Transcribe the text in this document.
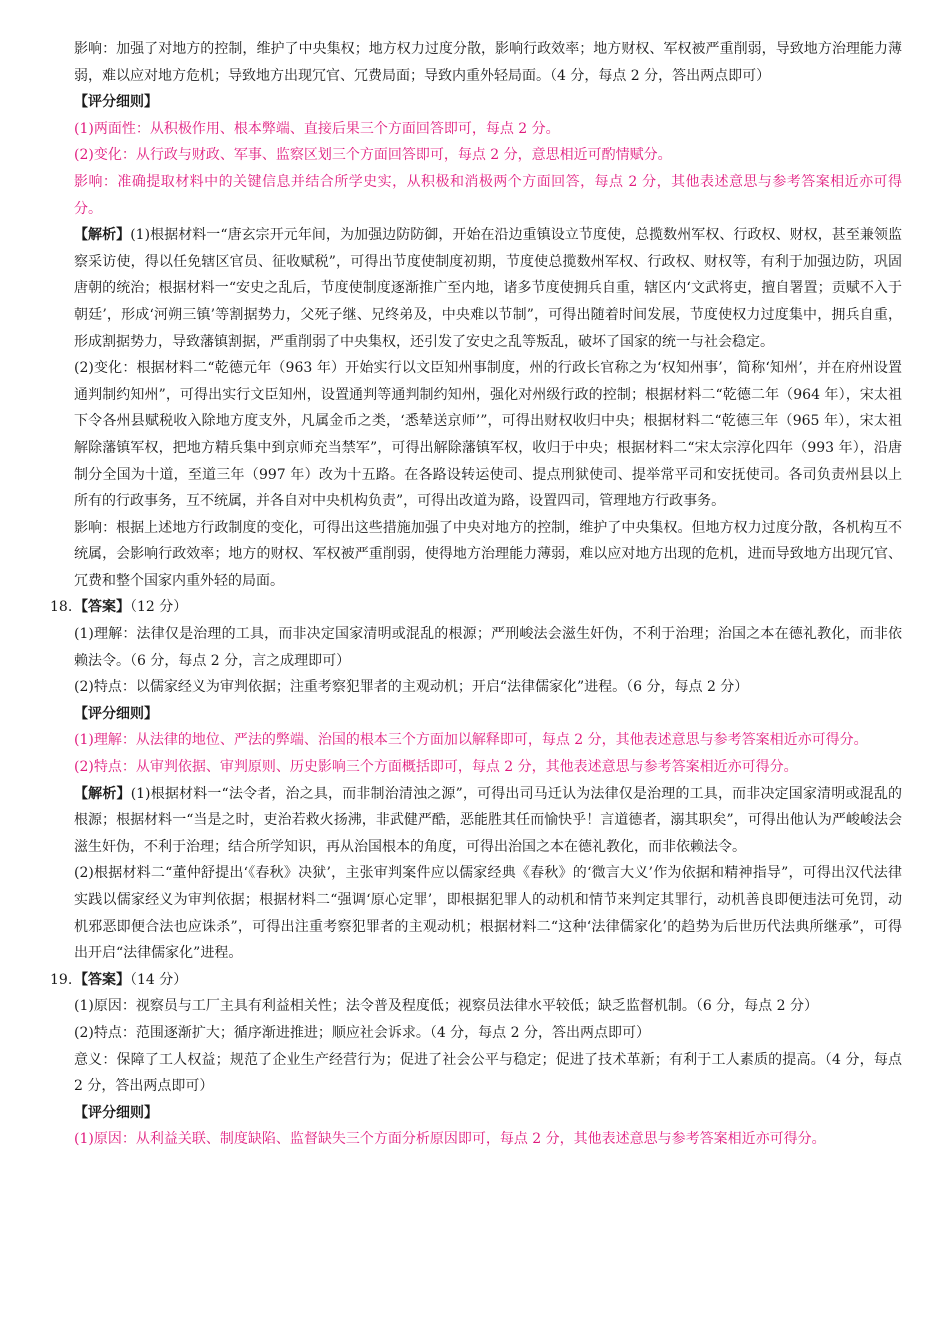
影响：加强了对地方的控制，维护了中央集权；地方权力过度分散，影响行政效率；地方财权、军权被严重削弱，导致地方治理能力薄弱，难以应对地方危机；导致地方出现冗官、冗费局面；导致内重外轻局面。（4 分，每点 2 分，答出两点即可）

【评分细则】

(1)两面性：从积极作用、根本弊端、直接后果三个方面回答即可，每点 2 分。

(2)变化：从行政与财政、军事、监察区划三个方面回答即可，每点 2 分，意思相近可酌情赋分。

影响：准确提取材料中的关键信息并结合所学史实，从积极和消极两个方面回答，每点 2 分，其他表述意思与参考答案相近亦可得分。

【解析】(1)根据材料一“唐玄宗开元年间，为加强边防防御，开始在沿边重镇设立节度使，总揽数州军权、行政权、财权，甚至兼领监察采访使，得以任免辖区官员、征收赋税”，可得出节度使制度初期，节度使总揽数州军权、行政权、财权等，有利于加强边防，巩固唐朝的统治；根据材料一“安史之乱后，节度使制度逐渐推广至内地，诸多节度使拥兵自重，辖区内‘文武将吏，擅自署置；贡赋不入于朝廷’，形成‘河朔三镇’等割据势力，父死子继、兄终弟及，中央难以节制”，可得出随着时间发展，节度使权力过度集中，拥兵自重，形成割据势力，导致藩镇割据，严重削弱了中央集权，还引发了安史之乱等叛乱，破坏了国家的统一与社会稳定。

(2)变化：根据材料二“乾德元年（963 年）开始实行以文臣知州事制度，州的行政长官称之为‘权知州事’，简称‘知州’，并在府州设置通判制约知州”，可得出实行文臣知州，设置通判等通判制约知州，强化对州级行政的控制；根据材料二“乾德二年（964 年），宋太祖下令各州县赋税收入除地方度支外，凡属金币之类，‘悉辇送京师’”，可得出财权收归中央；根据材料二“乾德三年（965 年），宋太祖解除藩镇军权，把地方精兵集中到京师充当禁军”，可得出解除藩镇军权，收归于中央；根据材料二“宋太宗淳化四年（993 年），沿唐制分全国为十道，至道三年（997 年）改为十五路。在各路设转运使司、提点刑狱使司、提举常平司和安抚使司。各司负责州县以上所有的行政事务，互不统属，并各自对中央机构负责”，可得出改道为路，设置四司，管理地方行政事务。

影响：根据上述地方行政制度的变化，可得出这些措施加强了中央对地方的控制，维护了中央集权。但地方权力过度分散，各机构互不统属，会影响行政效率；地方的财权、军权被严重削弱，使得地方治理能力薄弱，难以应对地方出现的危机，进而导致地方出现冗官、冗费和整个国家内重外轻的局面。

18. 【答案】（12 分）

(1)理解：法律仅是治理的工具，而非决定国家清明或混乱的根源；严刑峻法会滋生奸伪，不利于治理；治国之本在德礼教化，而非依赖法令。（6 分，每点 2 分，言之成理即可）

(2)特点：以儒家经义为审判依据；注重考察犯罪者的主观动机；开启“法律儒家化”进程。（6 分，每点 2 分）

【评分细则】

(1)理解：从法律的地位、严法的弊端、治国的根本三个方面加以解释即可，每点 2 分，其他表述意思与参考答案相近亦可得分。

(2)特点：从审判依据、审判原则、历史影响三个方面概括即可，每点 2 分，其他表述意思与参考答案相近亦可得分。

【解析】(1)根据材料一“法令者，治之具，而非制治清浊之源”，可得出司马迁认为法律仅是治理的工具，而非决定国家清明或混乱的根源；根据材料一“当是之时，吏治若救火扬沸，非武健严酷，恶能胜其任而愉快乎！言道德者，溺其职矣”，可得出他认为严峻峻法会滋生奸伪，不利于治理；结合所学知识，再从治国根本的角度，可得出治国之本在德礼教化，而非依赖法令。

(2)根据材料二“董仲舒提出‘《春秋》决狱’，主张审判案件应以儒家经典《春秋》的‘微言大义’作为依据和精神指导”，可得出汉代法律实践以儒家经义为审判依据；根据材料二“强调‘原心定罪’，即根据犯罪人的动机和情节来判定其罪行，动机善良即便违法可免罚，动机邪恶即便合法也应诛杀”，可得出注重考察犯罪者的主观动机；根据材料二“这种‘法律儒家化’的趋势为后世历代法典所继承”，可得出开启“法律儒家化”进程。

19. 【答案】（14 分）

(1)原因：视察员与工厂主具有利益相关性；法令普及程度低；视察员法律水平较低；缺乏监督机制。（6 分，每点 2 分）

(2)特点：范围逐渐扩大；循序渐进推进；顺应社会诉求。（4 分，每点 2 分，答出两点即可）

意义：保障了工人权益；规范了企业生产经营行为；促进了社会公平与稳定；促进了技术革新；有利于工人素质的提高。（4 分，每点 2 分，答出两点即可）

【评分细则】

(1)原因：从利益关联、制度缺陷、监督缺失三个方面分析原因即可，每点 2 分，其他表述意思与参考答案相近亦可得分。
